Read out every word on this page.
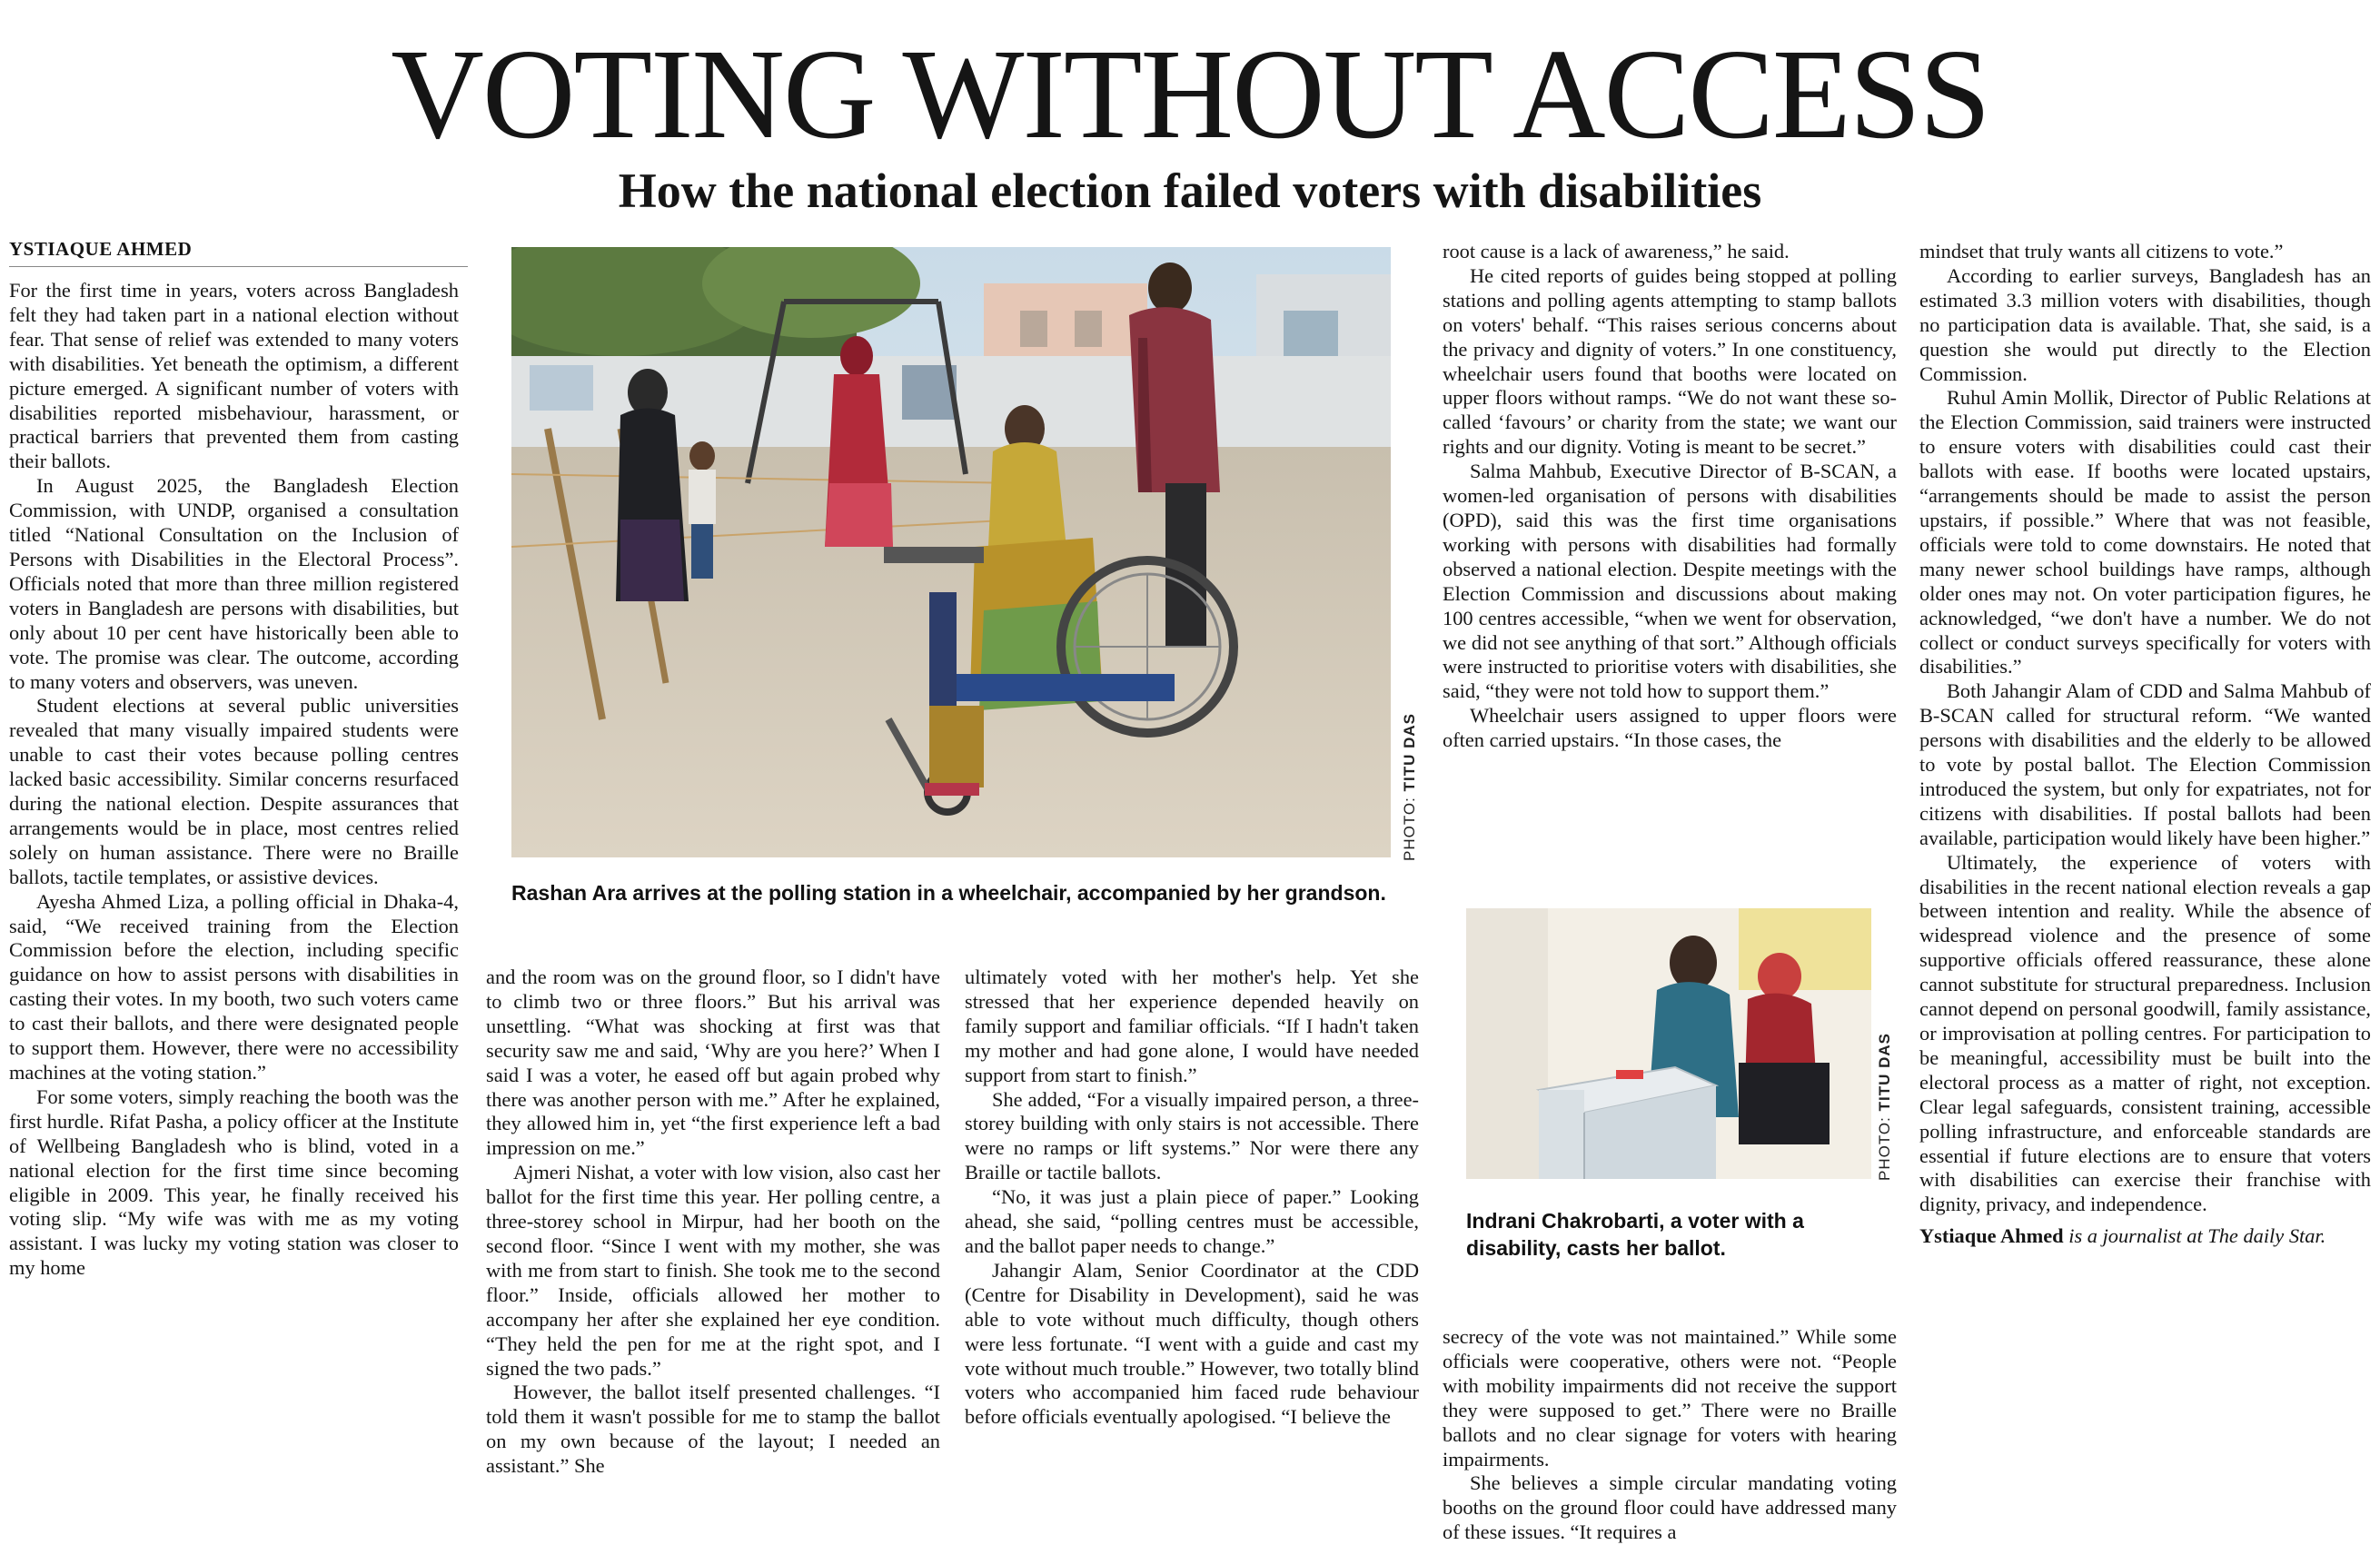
VOTING WITHOUT ACCESS
How the national election failed voters with disabilities
YSTIAQUE AHMED

For the first time in years, voters across Bangladesh felt they had taken part in a national election without fear. That sense of relief was extended to many voters with disabilities. Yet beneath the optimism, a different picture emerged. A significant number of voters with disabilities reported misbehaviour, harassment, or practical barriers that prevented them from casting their ballots.

In August 2025, the Bangladesh Election Commission, with UNDP, organised a consultation titled “National Consultation on the Inclusion of Persons with Disabilities in the Electoral Process”. Officials noted that more than three million registered voters in Bangladesh are persons with disabilities, but only about 10 per cent have historically been able to vote. The promise was clear. The outcome, according to many voters and observers, was uneven.

Student elections at several public universities revealed that many visually impaired students were unable to cast their votes because polling centres lacked basic accessibility. Similar concerns resurfaced during the national election. Despite assurances that arrangements would be in place, most centres relied solely on human assistance. There were no Braille ballots, tactile templates, or assistive devices.

Ayesha Ahmed Liza, a polling official in Dhaka-4, said, “We received training from the Election Commission before the election, including specific guidance on how to assist persons with disabilities in casting their votes. In my booth, two such voters came to cast their ballots, and there were designated people to support them. However, there were no accessibility machines at the voting station.”

For some voters, simply reaching the booth was the first hurdle. Rifat Pasha, a policy officer at the Institute of Wellbeing Bangladesh who is blind, voted in a national election for the first time since becoming eligible in 2009. This year, he finally received his voting slip. “My wife was with me as my voting assistant. I was lucky my voting station was closer to my home

PHOTO: TITU DAS
Rashan Ara arrives at the polling station in a wheelchair, accompanied by her grandson.

and the room was on the ground floor, so I didn't have to climb two or three floors.” But his arrival was unsettling. “What was shocking at first was that security saw me and said, ‘Why are you here?’ When I said I was a voter, he eased off but again probed why there was another person with me.” After he explained, they allowed him in, yet “the first experience left a bad impression on me.”

Ajmeri Nishat, a voter with low vision, also cast her ballot for the first time this year. Her polling centre, a three-storey school in Mirpur, had her booth on the second floor. “Since I went with my mother, she was with me from start to finish. She took me to the second floor.” Inside, officials allowed her mother to accompany her after she explained her eye condition. “They held the pen for me at the right spot, and I signed the two pads.”

However, the ballot itself presented challenges. “I told them it wasn't possible for me to stamp the ballot on my own because of the layout; I needed an assistant.” She

ultimately voted with her mother's help. Yet she stressed that her experience depended heavily on family support and familiar officials. “If I hadn't taken my mother and had gone alone, I would have needed support from start to finish.”

She added, “For a visually impaired person, a three-storey building with only stairs is not accessible. There were no ramps or lift systems.” Nor were there any Braille or tactile ballots.

“No, it was just a plain piece of paper.” Looking ahead, she said, “polling centres must be accessible, and the ballot paper needs to change.”

Jahangir Alam, Senior Coordinator at the CDD (Centre for Disability in Development), said he was able to vote without much difficulty, though others were less fortunate. “I went with a guide and cast my vote without much trouble.” However, two totally blind voters who accompanied him faced rude behaviour before officials eventually apologised. “I believe the

root cause is a lack of awareness,” he said.

He cited reports of guides being stopped at polling stations and polling agents attempting to stamp ballots on voters' behalf. “This raises serious concerns about the privacy and dignity of voters.” In one constituency, wheelchair users found that booths were located on upper floors without ramps. “We do not want these so-called ‘favours’ or charity from the state; we want our rights and our dignity. Voting is meant to be secret.”

Salma Mahbub, Executive Director of B-SCAN, a women-led organisation of persons with disabilities (OPD), said this was the first time organisations working with persons with disabilities had formally observed a national election. Despite meetings with the Election Commission and discussions about making 100 centres accessible, “when we went for observation, we did not see anything of that sort.” Although officials were instructed to prioritise voters with disabilities, she said, “they were not told how to support them.”

Wheelchair users assigned to upper floors were often carried upstairs. “In those cases, the

PHOTO: TITU DAS
Indrani Chakrobarti, a voter with a disability, casts her ballot.

secrecy of the vote was not maintained.” While some officials were cooperative, others were not. “People with mobility impairments did not receive the support they were supposed to get.” There were no Braille ballots and no clear signage for voters with hearing impairments.

She believes a simple circular mandating voting booths on the ground floor could have addressed many of these issues. “It requires a

mindset that truly wants all citizens to vote.”

According to earlier surveys, Bangladesh has an estimated 3.3 million voters with disabilities, though no participation data is available. That, she said, is a question she would put directly to the Election Commission.

Ruhul Amin Mollik, Director of Public Relations at the Election Commission, said trainers were instructed to ensure voters with disabilities could cast their ballots with ease. If booths were located upstairs, “arrangements should be made to assist the person upstairs, if possible.” Where that was not feasible, officials were told to come downstairs. He noted that many newer school buildings have ramps, although older ones may not. On voter participation figures, he acknowledged, “we don't have a number. We do not collect or conduct surveys specifically for voters with disabilities.”

Both Jahangir Alam of CDD and Salma Mahbub of B-SCAN called for structural reform. “We wanted persons with disabilities and the elderly to be allowed to vote by postal ballot. The Election Commission introduced the system, but only for expatriates, not for citizens with disabilities. If postal ballots had been available, participation would likely have been higher.”

Ultimately, the experience of voters with disabilities in the recent national election reveals a gap between intention and reality. While the absence of widespread violence and the presence of some supportive officials offered reassurance, these alone cannot substitute for structural preparedness. Inclusion cannot depend on personal goodwill, family assistance, or improvisation at polling centres. For participation to be meaningful, accessibility must be built into the electoral process as a matter of right, not exception. Clear legal safeguards, consistent training, accessible polling infrastructure, and enforceable standards are essential if future elections are to ensure that voters with disabilities can exercise their franchise with dignity, privacy, and independence.

Ystiaque Ahmed is a journalist at The daily Star.
